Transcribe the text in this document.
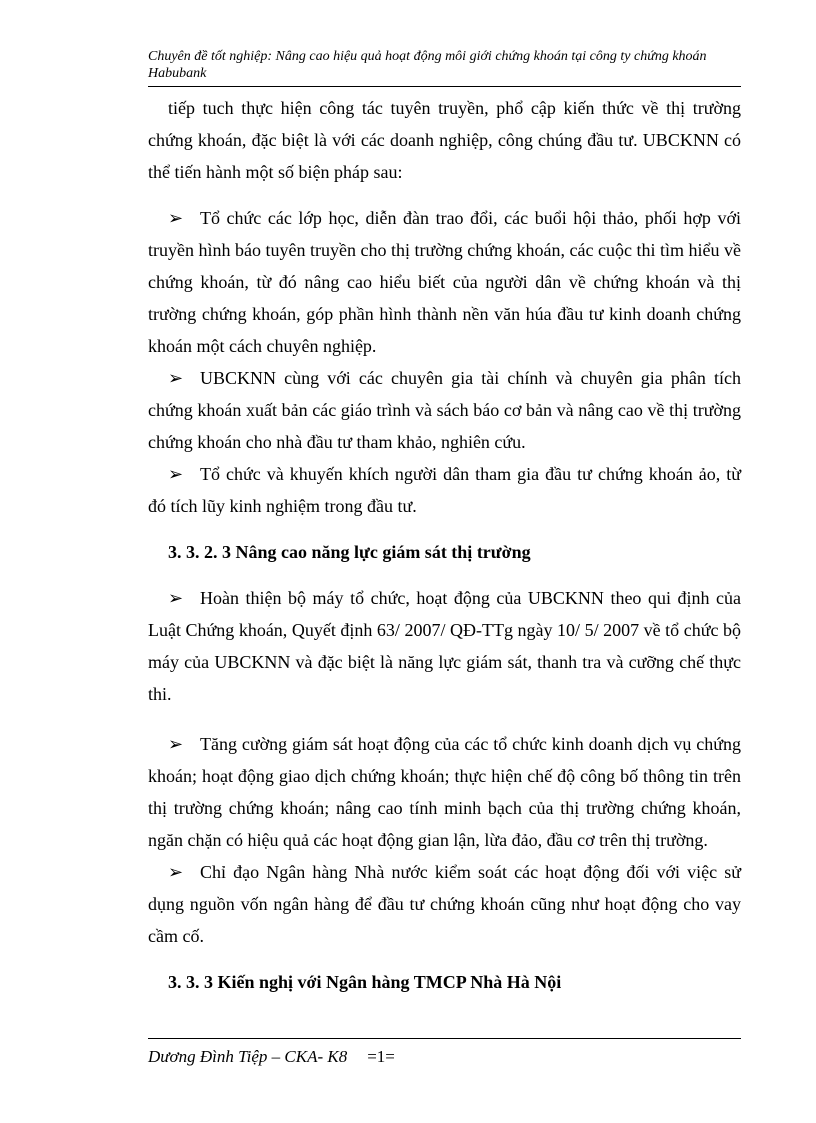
Chuyên đề tốt nghiệp: Nâng cao hiệu quả hoạt động môi giới chứng khoán tại công ty chứng khoán Habubank

tiếp tuch thực hiện công tác tuyên truyền, phổ cập kiến thức về thị trường chứng khoán, đặc biệt là với các doanh nghiệp, công chúng đầu tư. UBCKNN có thể tiến hành một số biện pháp sau:

➢ Tổ chức các lớp học, diễn đàn trao đổi, các buổi hội thảo, phối hợp với truyền hình báo tuyên truyền cho thị trường chứng khoán, các cuộc thi tìm hiểu về chứng khoán, từ đó nâng cao hiểu biết của người dân về chứng khoán và thị trường chứng khoán, góp phần hình thành nền văn húa đầu tư kinh doanh chứng khoán một cách chuyên nghiệp.

➢ UBCKNN cùng với các chuyên gia tài chính và chuyên gia phân tích chứng khoán xuất bản các giáo trình và sách báo cơ bản và nâng cao về thị trường chứng khoán cho nhà đầu tư tham khảo, nghiên cứu.

➢ Tổ chức và khuyến khích người dân tham gia đầu tư chứng khoán ảo, từ đó tích lũy kinh nghiệm trong đầu tư.

3. 3. 2. 3 Nâng cao năng lực giám sát thị trường

➢ Hoàn thiện bộ máy tổ chức, hoạt động của UBCKNN theo qui định của Luật Chứng khoán, Quyết định 63/ 2007/ QĐ-TTg ngày 10/ 5/ 2007 về tổ chức bộ máy của UBCKNN và đặc biệt là năng lực giám sát, thanh tra và cưỡng chế thực thi.

➢ Tăng cường giám sát hoạt động của các tổ chức kinh doanh dịch vụ chứng khoán; hoạt động giao dịch chứng khoán; thực hiện chế độ công bố thông tin trên thị trường chứng khoán; nâng cao tính minh bạch của thị trường chứng khoán, ngăn chặn có hiệu quả các hoạt động gian lận, lừa đảo, đầu cơ trên thị trường.

➢ Chỉ đạo Ngân hàng Nhà nước kiểm soát các hoạt động đối với việc sử dụng nguồn vốn ngân hàng để đầu tư chứng khoán cũng như hoạt động cho vay cầm cố.

3. 3. 3 Kiến nghị với Ngân hàng TMCP Nhà Hà Nội
Dương Đình Tiệp – CKA- K8 =1=
